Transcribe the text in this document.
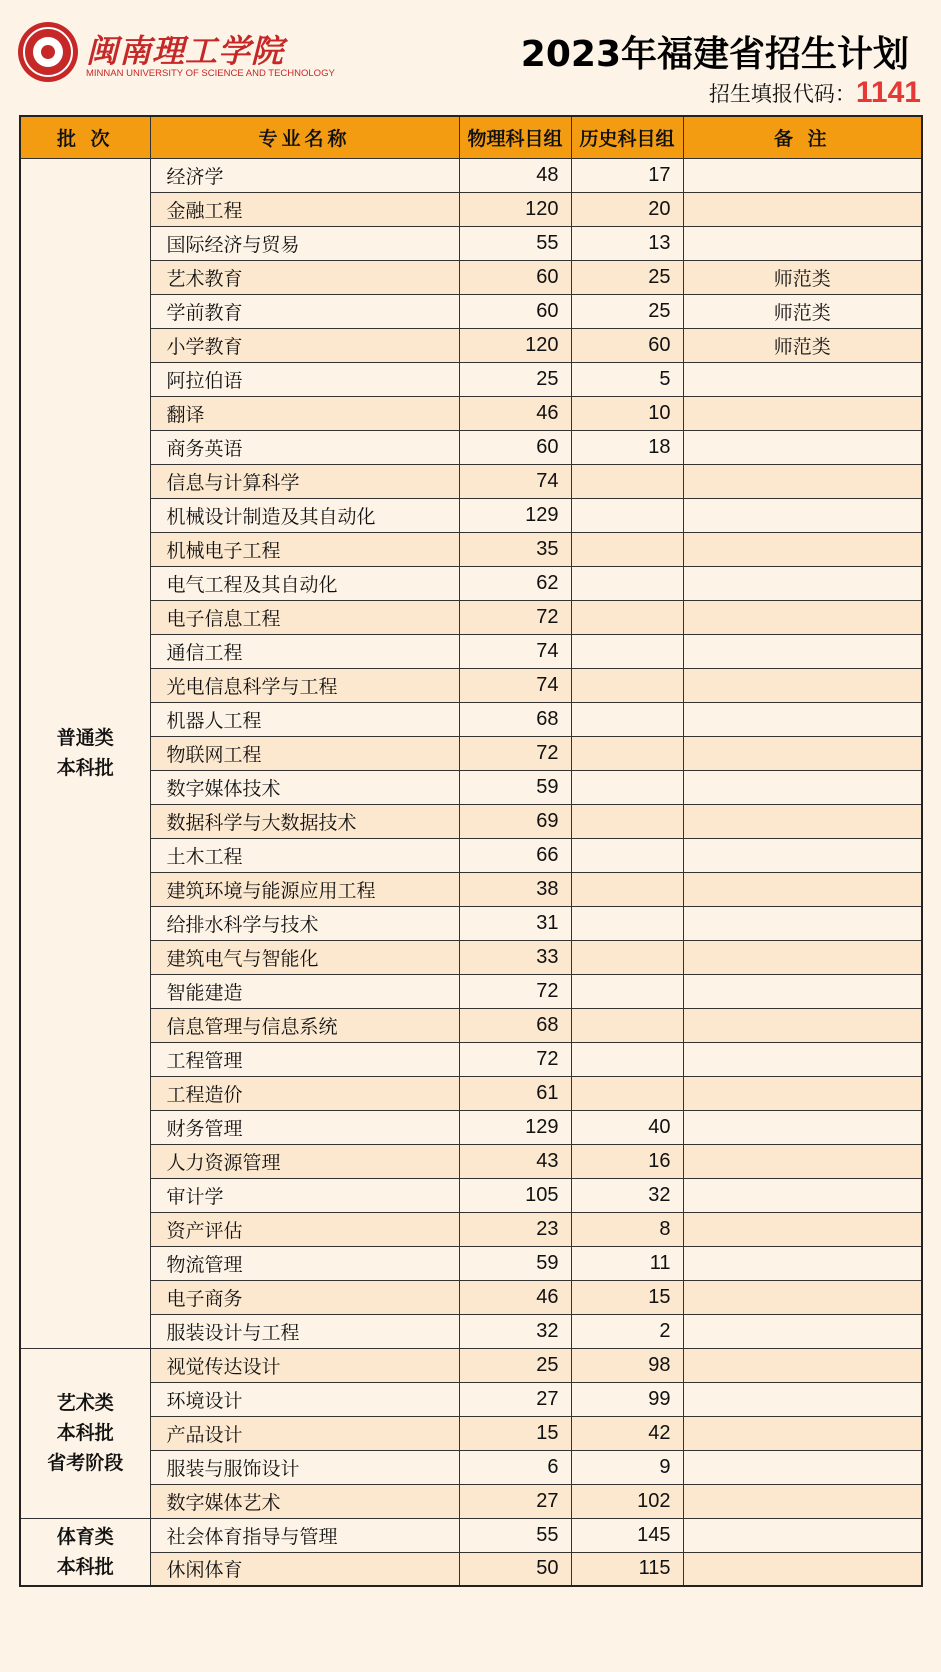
闽南理工学院
MINNAN UNIVERSITY OF SCIENCE AND TECHNOLOGY	2023年福建省招生计划
招生填报代码：1141
批 次	专业名称	物理科目组	历史科目组	备 注
普通类
本科批	经济学	48	17	
	金融工程	120	20	
	国际经济与贸易	55	13	
	艺术教育	60	25	师范类
	学前教育	60	25	师范类
	小学教育	120	60	师范类
	阿拉伯语	25	5	
	翻译	46	10	
	商务英语	60	18	
	信息与计算科学	74		
	机械设计制造及其自动化	129		
	机械电子工程	35		
	电气工程及其自动化	62		
	电子信息工程	72		
	通信工程	74		
	光电信息科学与工程	74		
	机器人工程	68		
	物联网工程	72		
	数字媒体技术	59		
	数据科学与大数据技术	69		
	土木工程	66		
	建筑环境与能源应用工程	38		
	给排水科学与技术	31		
	建筑电气与智能化	33		
	智能建造	72		
	信息管理与信息系统	68		
	工程管理	72		
	工程造价	61		
	财务管理	129	40	
	人力资源管理	43	16	
	审计学	105	32	
	资产评估	23	8	
	物流管理	59	11	
	电子商务	46	15	
	服装设计与工程	32	2	
艺术类
本科批
省考阶段	视觉传达设计	25	98	
	环境设计	27	99	
	产品设计	15	42	
	服装与服饰设计	6	9	
	数字媒体艺术	27	102	
体育类
本科批	社会体育指导与管理	55	145	
	休闲体育	50	115	
